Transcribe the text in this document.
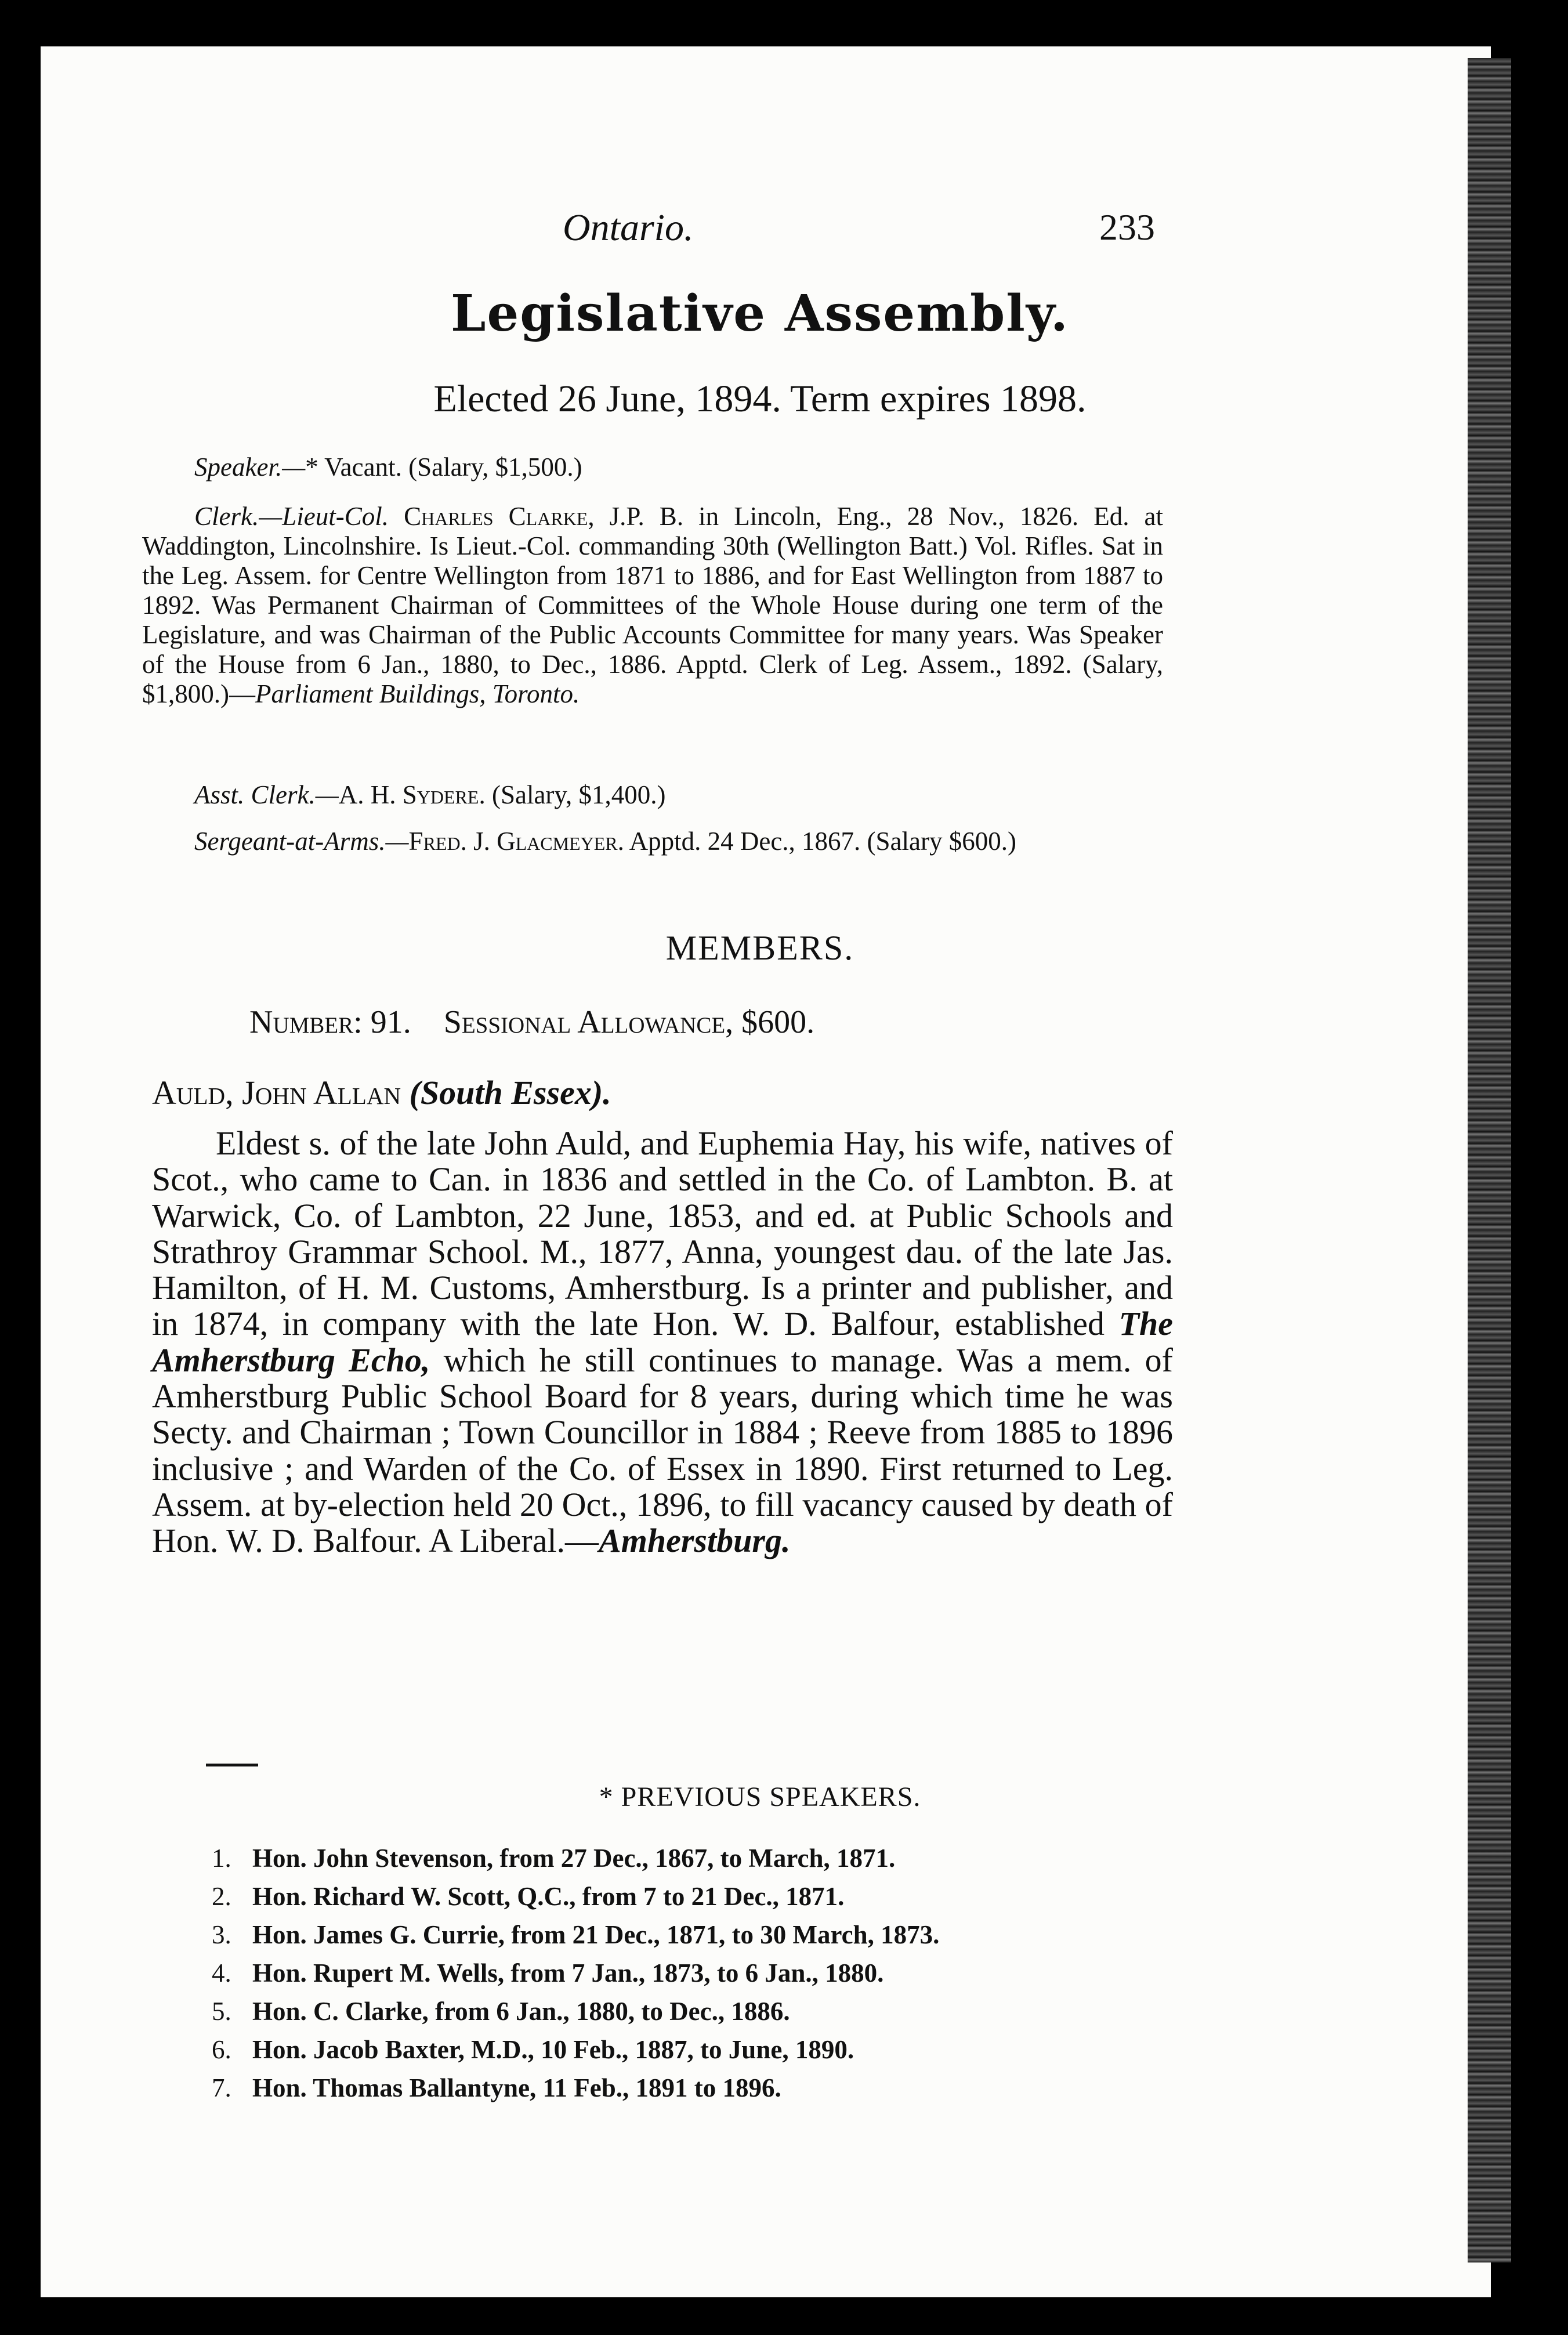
Ontario.	233
Legislative Assembly.
Elected 26 June, 1894. Term expires 1898.
Speaker.—* Vacant. (Salary, $1,500.)
Clerk.—Lieut-Col. Charles Clarke, J.P. B. in Lincoln, Eng., 28 Nov., 1826. Ed. at Waddington, Lincolnshire. Is Lieut.-Col. commanding 30th (Wellington Batt.) Vol. Rifles. Sat in the Leg. Assem. for Centre Wellington from 1871 to 1886, and for East Wellington from 1887 to 1892. Was Permanent Chairman of Committees of the Whole House during one term of the Legislature, and was Chairman of the Public Accounts Committee for many years. Was Speaker of the House from 6 Jan., 1880, to Dec., 1886. Apptd. Clerk of Leg. Assem., 1892. (Salary, $1,800.)—Parliament Buildings, Toronto.
Asst. Clerk.—A. H. Sydere. (Salary, $1,400.)
Sergeant-at-Arms.—Fred. J. Glacmeyer. Apptd. 24 Dec., 1867. (Salary $600.)
MEMBERS.
Number: 91. Sessional Allowance, $600.
Auld, John Allan (South Essex).
Eldest s. of the late John Auld, and Euphemia Hay, his wife, natives of Scot., who came to Can. in 1836 and settled in the Co. of Lambton. B. at Warwick, Co. of Lambton, 22 June, 1853, and ed. at Public Schools and Strathroy Grammar School. M., 1877, Anna, youngest dau. of the late Jas. Hamilton, of H. M. Customs, Amherstburg. Is a printer and publisher, and in 1874, in company with the late Hon. W. D. Balfour, established The Amherstburg Echo, which he still continues to manage. Was a mem. of Amherstburg Public School Board for 8 years, during which time he was Secty. and Chairman ; Town Councillor in 1884 ; Reeve from 1885 to 1896 inclusive ; and Warden of the Co. of Essex in 1890. First returned to Leg. Assem. at by-election held 20 Oct., 1896, to fill vacancy caused by death of Hon. W. D. Balfour. A Liberal.—Amherstburg.
* PREVIOUS SPEAKERS.
1. Hon. John Stevenson, from 27 Dec., 1867, to March, 1871.
2. Hon. Richard W. Scott, Q.C., from 7 to 21 Dec., 1871.
3. Hon. James G. Currie, from 21 Dec., 1871, to 30 March, 1873.
4. Hon. Rupert M. Wells, from 7 Jan., 1873, to 6 Jan., 1880.
5. Hon. C. Clarke, from 6 Jan., 1880, to Dec., 1886.
6. Hon. Jacob Baxter, M.D., 10 Feb., 1887, to June, 1890.
7. Hon. Thomas Ballantyne, 11 Feb., 1891 to 1896.
